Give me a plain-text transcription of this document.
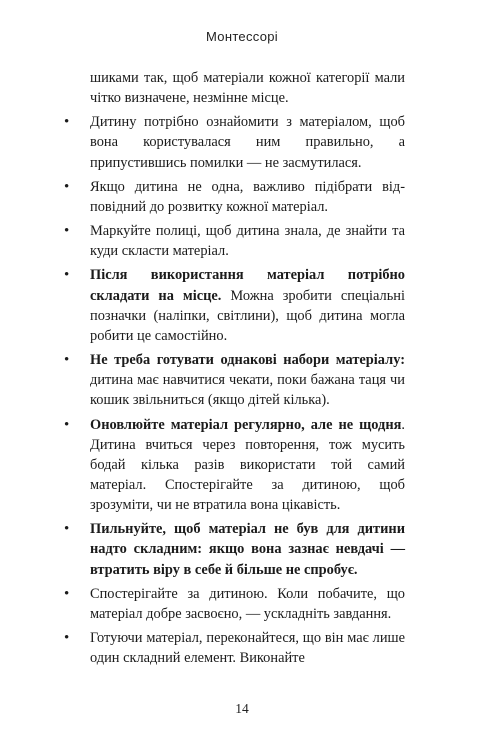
Монтессорі

шиками так, щоб матеріали кожної категорії мали чітко визначене, незмінне місце.

• Дитину потрібно ознайомити з матеріалом, щоб вона користувалася ним правильно, а припустившись помилки — не засмутилася.
• Якщо дитина не одна, важливо підібрати відповідний до розвитку кожної матеріал.
• Маркуйте полиці, щоб дитина знала, де знайти та куди скласти матеріал.
• Після використання матеріал потрібно складати на місце. Можна зробити спеціальні позначки (наліпки, світлини), щоб дитина могла робити це самостійно.
• Не треба готувати однакові набори матеріалу: дитина має навчитися чекати, поки бажана таця чи кошик звільниться (якщо дітей кілька).
• Оновлюйте матеріал регулярно, але не щодня. Дитина вчиться через повторення, тож мусить бодай кілька разів використати той самий матеріал. Спостерігайте за дитиною, щоб зрозуміти, чи не втратила вона цікавість.
• Пильнуйте, щоб матеріал не був для дитини надто складним: якщо вона зазнає невдачі — втратить віру в себе й більше не спробує.
• Спостерігайте за дитиною. Коли побачите, що матеріал добре засвоєно, — ускладніть завдання.
• Готуючи матеріал, переконайтеся, що він має лише один складний елемент. Виконайте
14
